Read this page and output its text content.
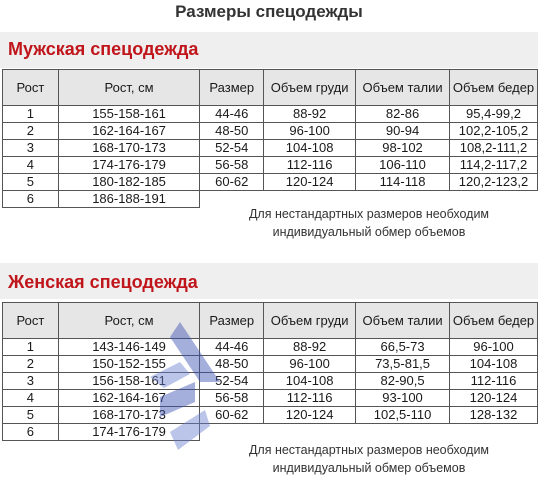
Размеры спецодежды
Мужская спецодежда
Рост	Рост, см	Размер	Объем груди	Объем талии	Объем бедер
1	155-158-161	44-46	88-92	82-86	95,4-99,2
2	162-164-167	48-50	96-100	90-94	102,2-105,2
3	168-170-173	52-54	104-108	98-102	108,2-111,2
4	174-176-179	56-58	112-116	106-110	114,2-117,2
5	180-182-185	60-62	120-124	114-118	120,2-123,2
6	186-188-191				
Для нестандартных размеров необходим
индивидуальный обмер объемов
Женская спецодежда
Рост	Рост, см	Размер	Объем груди	Объем талии	Объем бедер
1	143-146-149	44-46	88-92	66,5-73	96-100
2	150-152-155	48-50	96-100	73,5-81,5	104-108
3	156-158-161	52-54	104-108	82-90,5	112-116
4	162-164-167	56-58	112-116	93-100	120-124
5	168-170-173	60-62	120-124	102,5-110	128-132
6	174-176-179				
Для нестандартных размеров необходим
индивидуальный обмер объемов
